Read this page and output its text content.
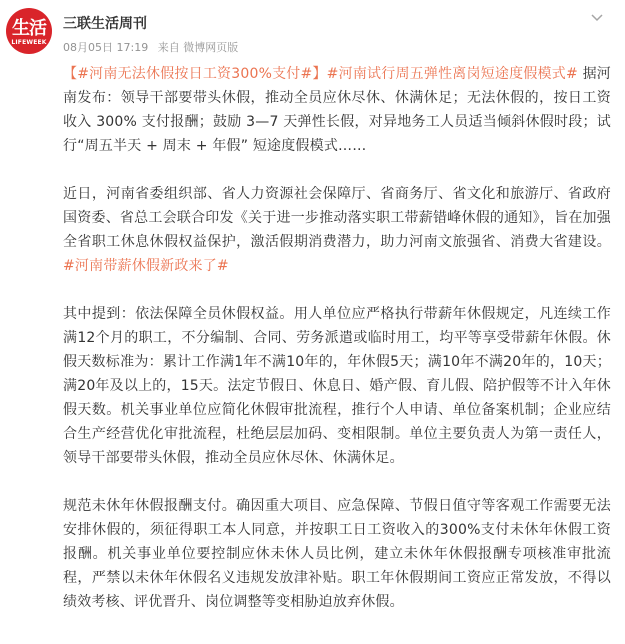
生活
LIFEWEEK
三联生活周刊
08月05日 17:19 来自 微博网页版

【#河南无法休假按日工资300%支付#】#河南试行周五弹性离岗短途度假模式# 据河南发布：领导干部要带头休假，推动全员应休尽休、休满休足；无法休假的，按日工资收入 300% 支付报酬；鼓励 3—7 天弹性长假，对异地务工人员适当倾斜休假时段；试行“周五半天 + 周末 + 年假” 短途度假模式……

近日，河南省委组织部、省人力资源社会保障厅、省商务厅、省文化和旅游厅、省政府国资委、省总工会联合印发《关于进一步推动落实职工带薪错峰休假的通知》，旨在加强全省职工休息休假权益保护，激活假期消费潜力，助力河南文旅强省、消费大省建设。 #河南带薪休假新政来了#

其中提到：依法保障全员休假权益。用人单位应严格执行带薪年休假规定，凡连续工作满12个月的职工，不分编制、合同、劳务派遣或临时用工，均平等享受带薪年休假。休假天数标准为：累计工作满1年不满10年的，年休假5天；满10年不满20年的，10天；满20年及以上的，15天。法定节假日、休息日、婚产假、育儿假、陪护假等不计入年休假天数。机关事业单位应简化休假审批流程，推行个人申请、单位备案机制；企业应结合生产经营优化审批流程，杜绝层层加码、变相限制。单位主要负责人为第一责任人，领导干部要带头休假，推动全员应休尽休、休满休足。

规范未休年休假报酬支付。确因重大项目、应急保障、节假日值守等客观工作需要无法安排休假的，须征得职工本人同意，并按职工日工资收入的300%支付未休年休假工资报酬。机关事业单位要控制应休未休人员比例，建立未休年休假报酬专项核准审批流程，严禁以未休年休假名义违规发放津补贴。职工年休假期间工资应正常发放，不得以绩效考核、评优晋升、岗位调整等变相胁迫放弃休假。
